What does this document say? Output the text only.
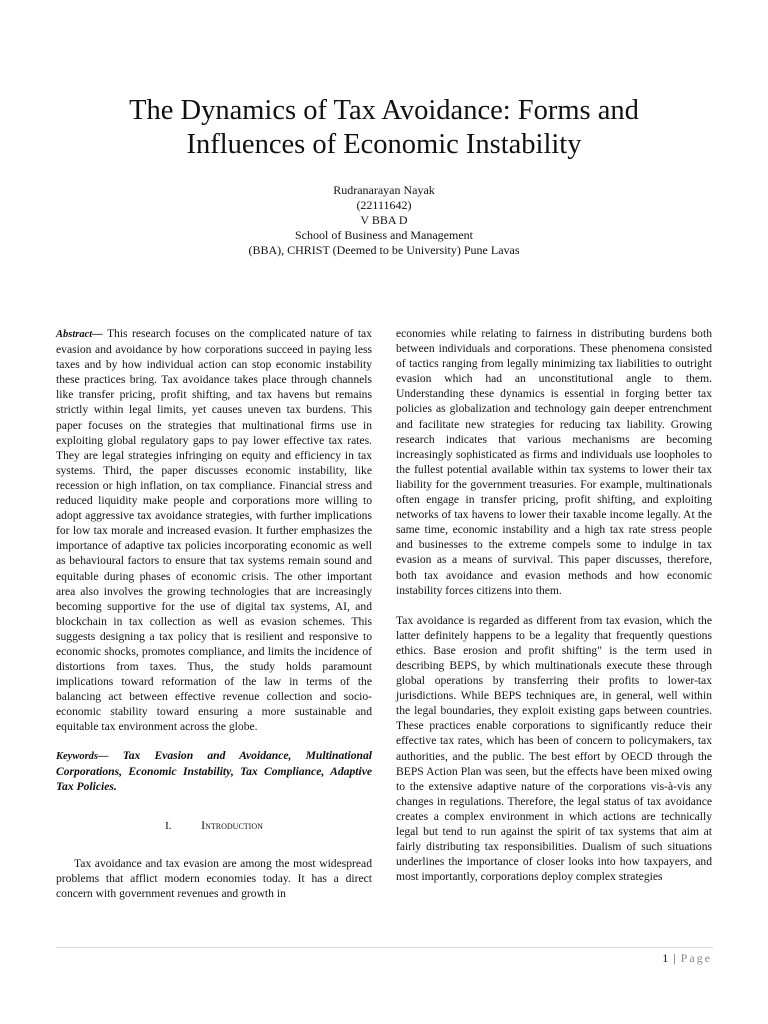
The Dynamics of Tax Avoidance: Forms and
Influences of Economic Instability
Rudranarayan Nayak
(22111642)
V BBA D
School of Business and Management
(BBA), CHRIST (Deemed to be University) Pune Lavas

Abstract— This research focuses on the complicated nature of tax evasion and avoidance by how corporations succeed in paying less taxes and by how individual action can stop economic instability these practices bring. Tax avoidance takes place through channels like transfer pricing, profit shifting, and tax havens but remains strictly within legal limits, yet causes uneven tax burdens. This paper focuses on the strategies that multinational firms use in exploiting global regulatory gaps to pay lower effective tax rates. They are legal strategies infringing on equity and efficiency in tax systems. Third, the paper discusses economic instability, like recession or high inflation, on tax compliance. Financial stress and reduced liquidity make people and corporations more willing to adopt aggressive tax avoidance strategies, with further implications for low tax morale and increased evasion. It further emphasizes the importance of adaptive tax policies incorporating economic as well as behavioural factors to ensure that tax systems remain sound and equitable during phases of economic crisis. The other important area also involves the growing technologies that are increasingly becoming supportive for the use of digital tax systems, AI, and blockchain in tax collection as well as evasion schemes. This suggests designing a tax policy that is resilient and responsive to economic shocks, promotes compliance, and limits the incidence of distortions from taxes. Thus, the study holds paramount implications toward reformation of the law in terms of the balancing act between effective revenue collection and socio-economic stability toward ensuring a more sustainable and equitable tax environment across the globe.

Keywords— Tax Evasion and Avoidance, Multinational Corporations, Economic Instability, Tax Compliance, Adaptive Tax Policies.

I. Introduction

Tax avoidance and tax evasion are among the most widespread problems that afflict modern economies today. It has a direct concern with government revenues and growth in

economies while relating to fairness in distributing burdens both between individuals and corporations. These phenomena consisted of tactics ranging from legally minimizing tax liabilities to outright evasion which had an unconstitutional angle to them. Understanding these dynamics is essential in forging better tax policies as globalization and technology gain deeper entrenchment and facilitate new strategies for reducing tax liability. Growing research indicates that various mechanisms are becoming increasingly sophisticated as firms and individuals use loopholes to the fullest potential available within tax systems to lower their tax liability for the government treasuries. For example, multinationals often engage in transfer pricing, profit shifting, and exploiting networks of tax havens to lower their taxable income legally. At the same time, economic instability and a high tax rate stress people and businesses to the extreme compels some to indulge in tax evasion as a means of survival. This paper discusses, therefore, both tax avoidance and evasion methods and how economic instability forces citizens into them.

Tax avoidance is regarded as different from tax evasion, which the latter definitely happens to be a legality that frequently questions ethics. Base erosion and profit shifting" is the term used in describing BEPS, by which multinationals execute these through global operations by transferring their profits to lower-tax jurisdictions. While BEPS techniques are, in general, well within the legal boundaries, they exploit existing gaps between countries. These practices enable corporations to significantly reduce their effective tax rates, which has been of concern to policymakers, tax authorities, and the public. The best effort by OECD through the BEPS Action Plan was seen, but the effects have been mixed owing to the extensive adaptive nature of the corporations vis-à-vis any changes in regulations. Therefore, the legal status of tax avoidance creates a complex environment in which actions are technically legal but tend to run against the spirit of tax systems that aim at fairly distributing tax responsibilities. Dualism of such situations underlines the importance of closer looks into how taxpayers, and most importantly, corporations deploy complex strategies

1 | Page
